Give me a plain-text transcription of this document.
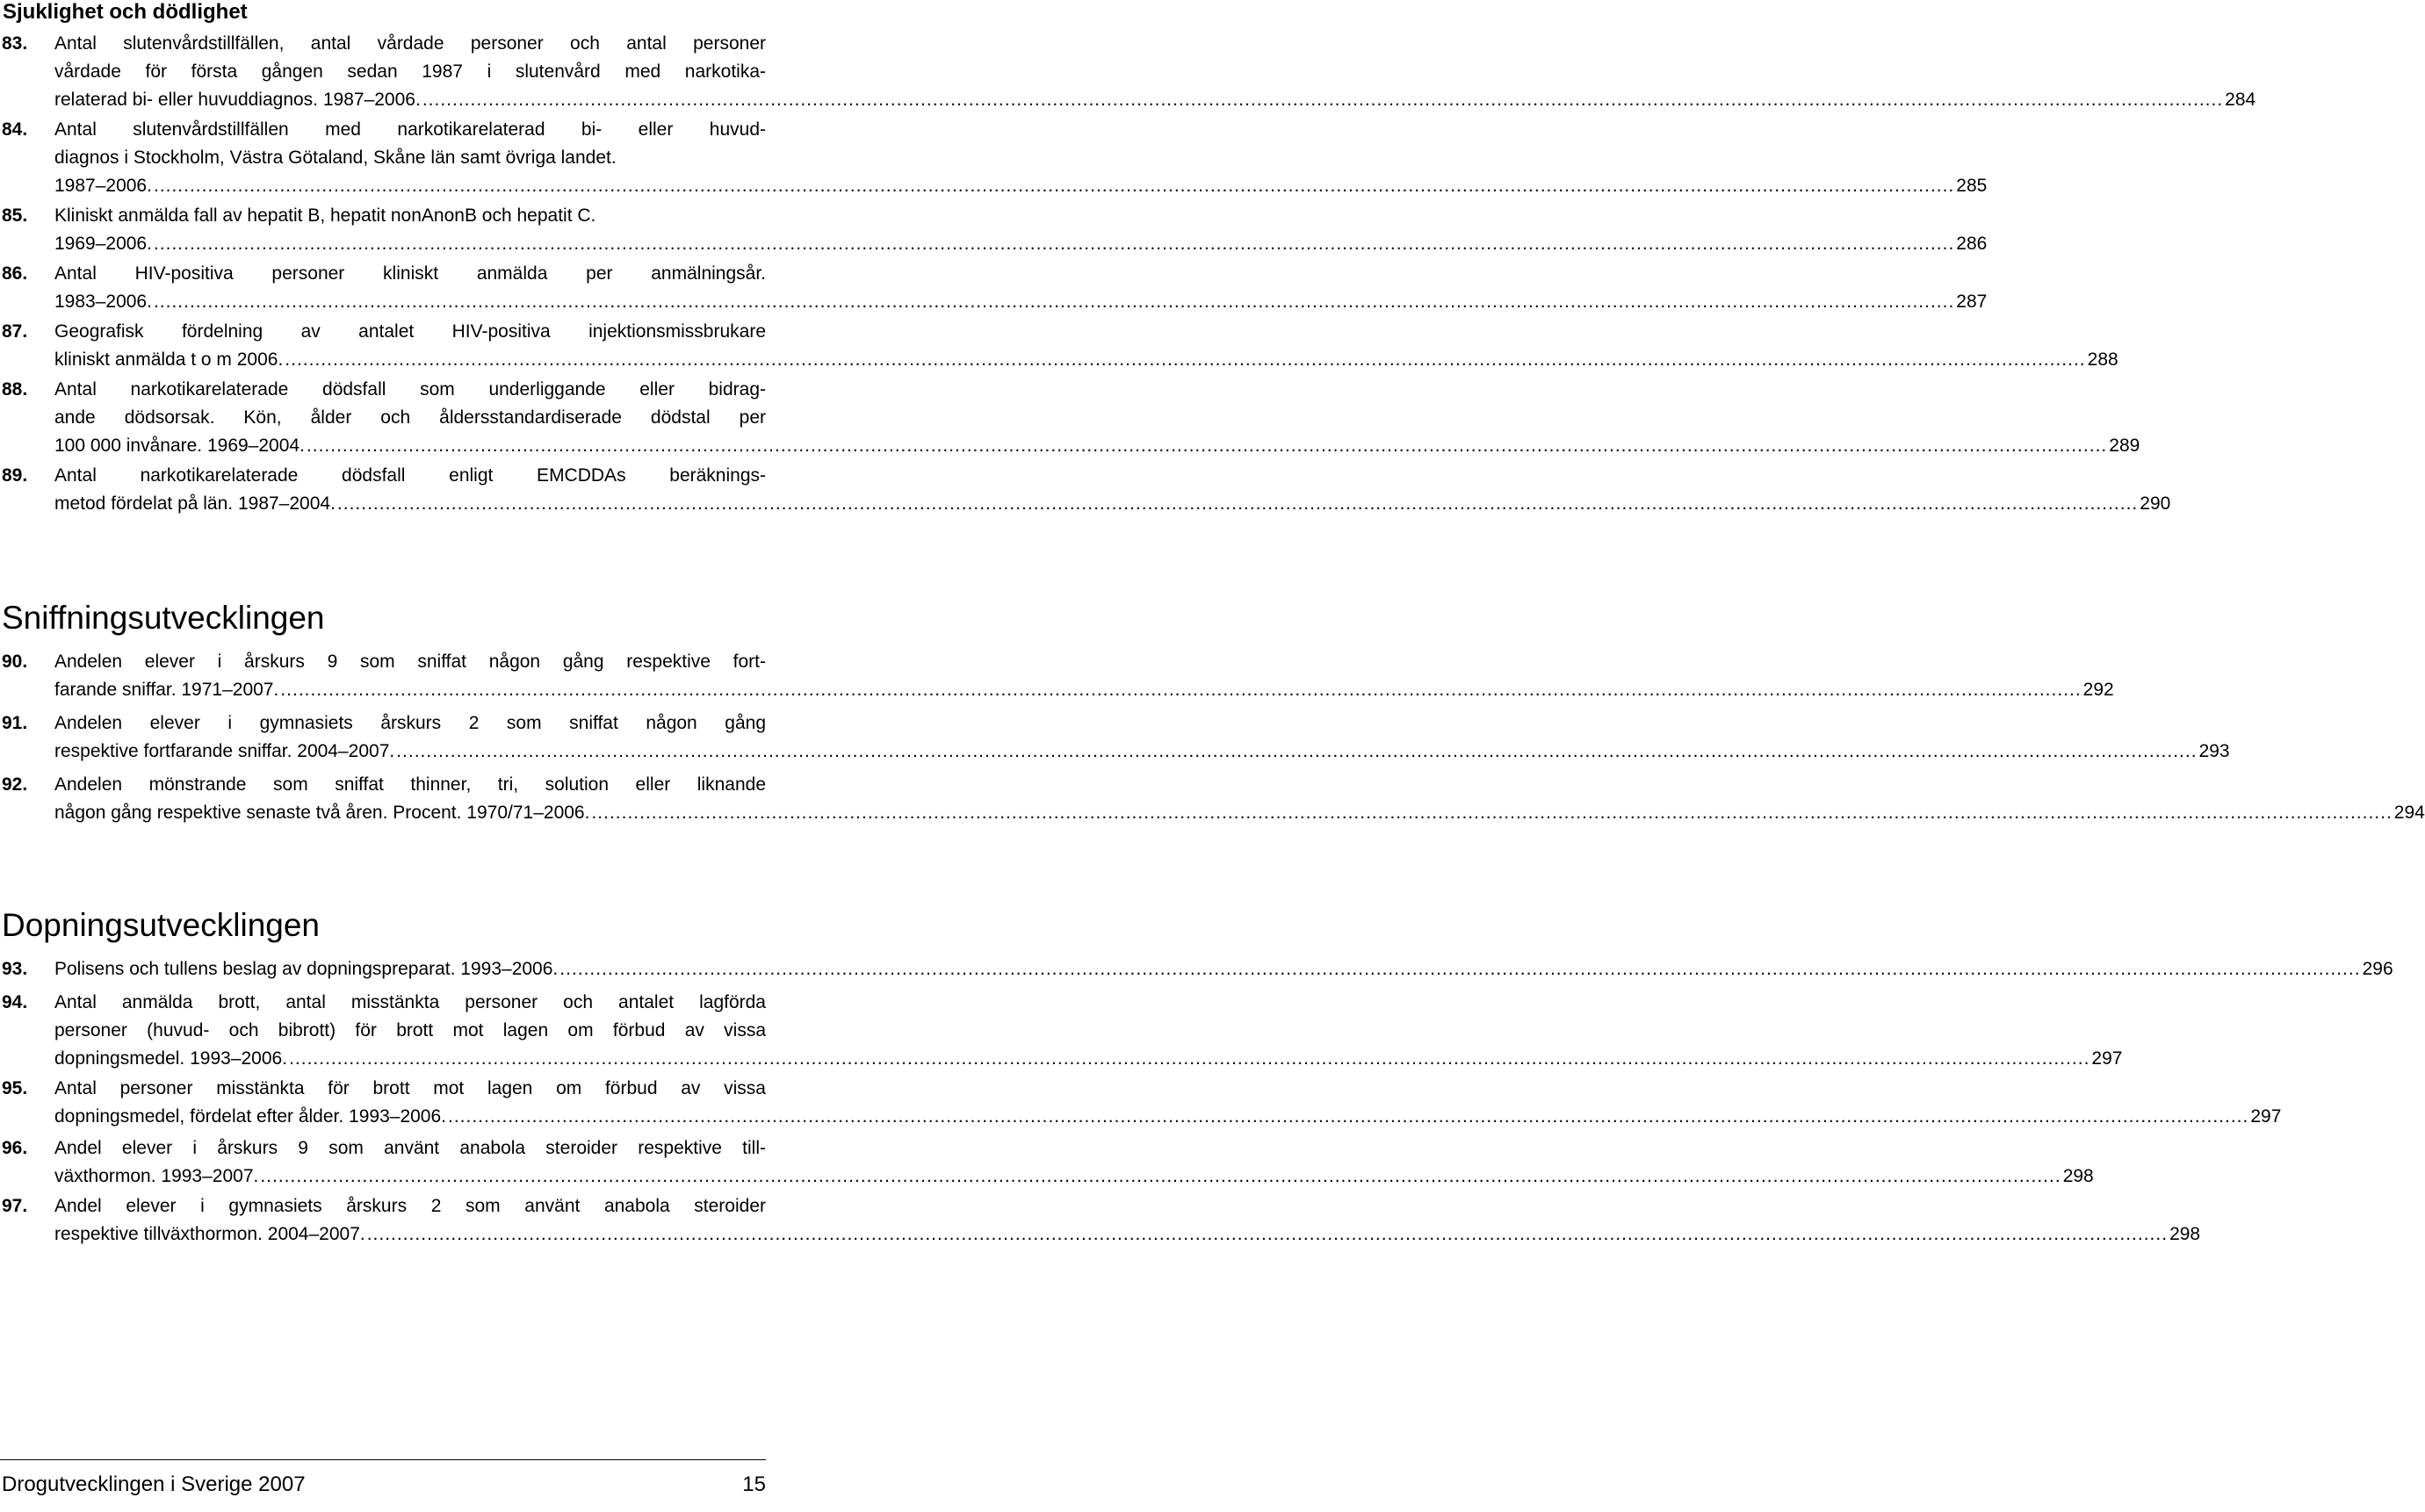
Sjuklighet och dödlighet
83. Antal slutenvårdstillfällen, antal vårdade personer och antal personer
vårdade för första gången sedan 1987 i slutenvård med narkotika-
relaterad bi- eller huvuddiagnos. 1987–2006. ............................................................................................................................................................................................................................................................................................................ 284
84. Antal slutenvårdstillfällen med narkotikarelaterad bi- eller huvud-
diagnos i Stockholm, Västra Götaland, Skåne län samt övriga landet.
1987–2006. ............................................................................................................................................................................................................................................................................................................ 285
85. Kliniskt anmälda fall av hepatit B, hepatit nonAnonB och hepatit C.
1969–2006. ............................................................................................................................................................................................................................................................................................................ 286
86. Antal HIV-positiva personer kliniskt anmälda per anmälningsår.
1983–2006. ............................................................................................................................................................................................................................................................................................................ 287
87. Geografisk fördelning av antalet HIV-positiva injektionsmissbrukare
kliniskt anmälda t o m 2006. ............................................................................................................................................................................................................................................................................................................ 288
88. Antal narkotikarelaterade dödsfall som underliggande eller bidrag-
ande dödsorsak. Kön, ålder och åldersstandardiserade dödstal per
100 000 invånare. 1969–2004. ............................................................................................................................................................................................................................................................................................................ 289
89. Antal narkotikarelaterade dödsfall enligt EMCDDAs beräknings-
metod fördelat på län. 1987–2004. ............................................................................................................................................................................................................................................................................................................ 290
Sniffningsutvecklingen
90. Andelen elever i årskurs 9 som sniffat någon gång respektive fort-
farande sniffar. 1971–2007. ............................................................................................................................................................................................................................................................................................................ 292
91. Andelen elever i gymnasiets årskurs 2 som sniffat någon gång
respektive fortfarande sniffar. 2004–2007. ............................................................................................................................................................................................................................................................................................................ 293
92. Andelen mönstrande som sniffat thinner, tri, solution eller liknande
någon gång respektive senaste två åren. Procent. 1970/71–2006. ............................................................................................................................................................................................................................................................................................................ 294
Dopningsutvecklingen
93. Polisens och tullens beslag av dopningspreparat. 1993–2006. ............................................................................................................................................................................................................................................................................................................ 296
94. Antal anmälda brott, antal misstänkta personer och antalet lagförda
personer (huvud- och bibrott) för brott mot lagen om förbud av vissa
dopningsmedel. 1993–2006. ............................................................................................................................................................................................................................................................................................................ 297
95. Antal personer misstänkta för brott mot lagen om förbud av vissa
dopningsmedel, fördelat efter ålder. 1993–2006. ............................................................................................................................................................................................................................................................................................................ 297
96. Andel elever i årskurs 9 som använt anabola steroider respektive till-
växthormon. 1993–2007. ............................................................................................................................................................................................................................................................................................................ 298
97. Andel elever i gymnasiets årskurs 2 som använt anabola steroider
respektive tillväxthormon. 2004–2007. ............................................................................................................................................................................................................................................................................................................ 298
Drogutvecklingen i Sverige 2007	15
